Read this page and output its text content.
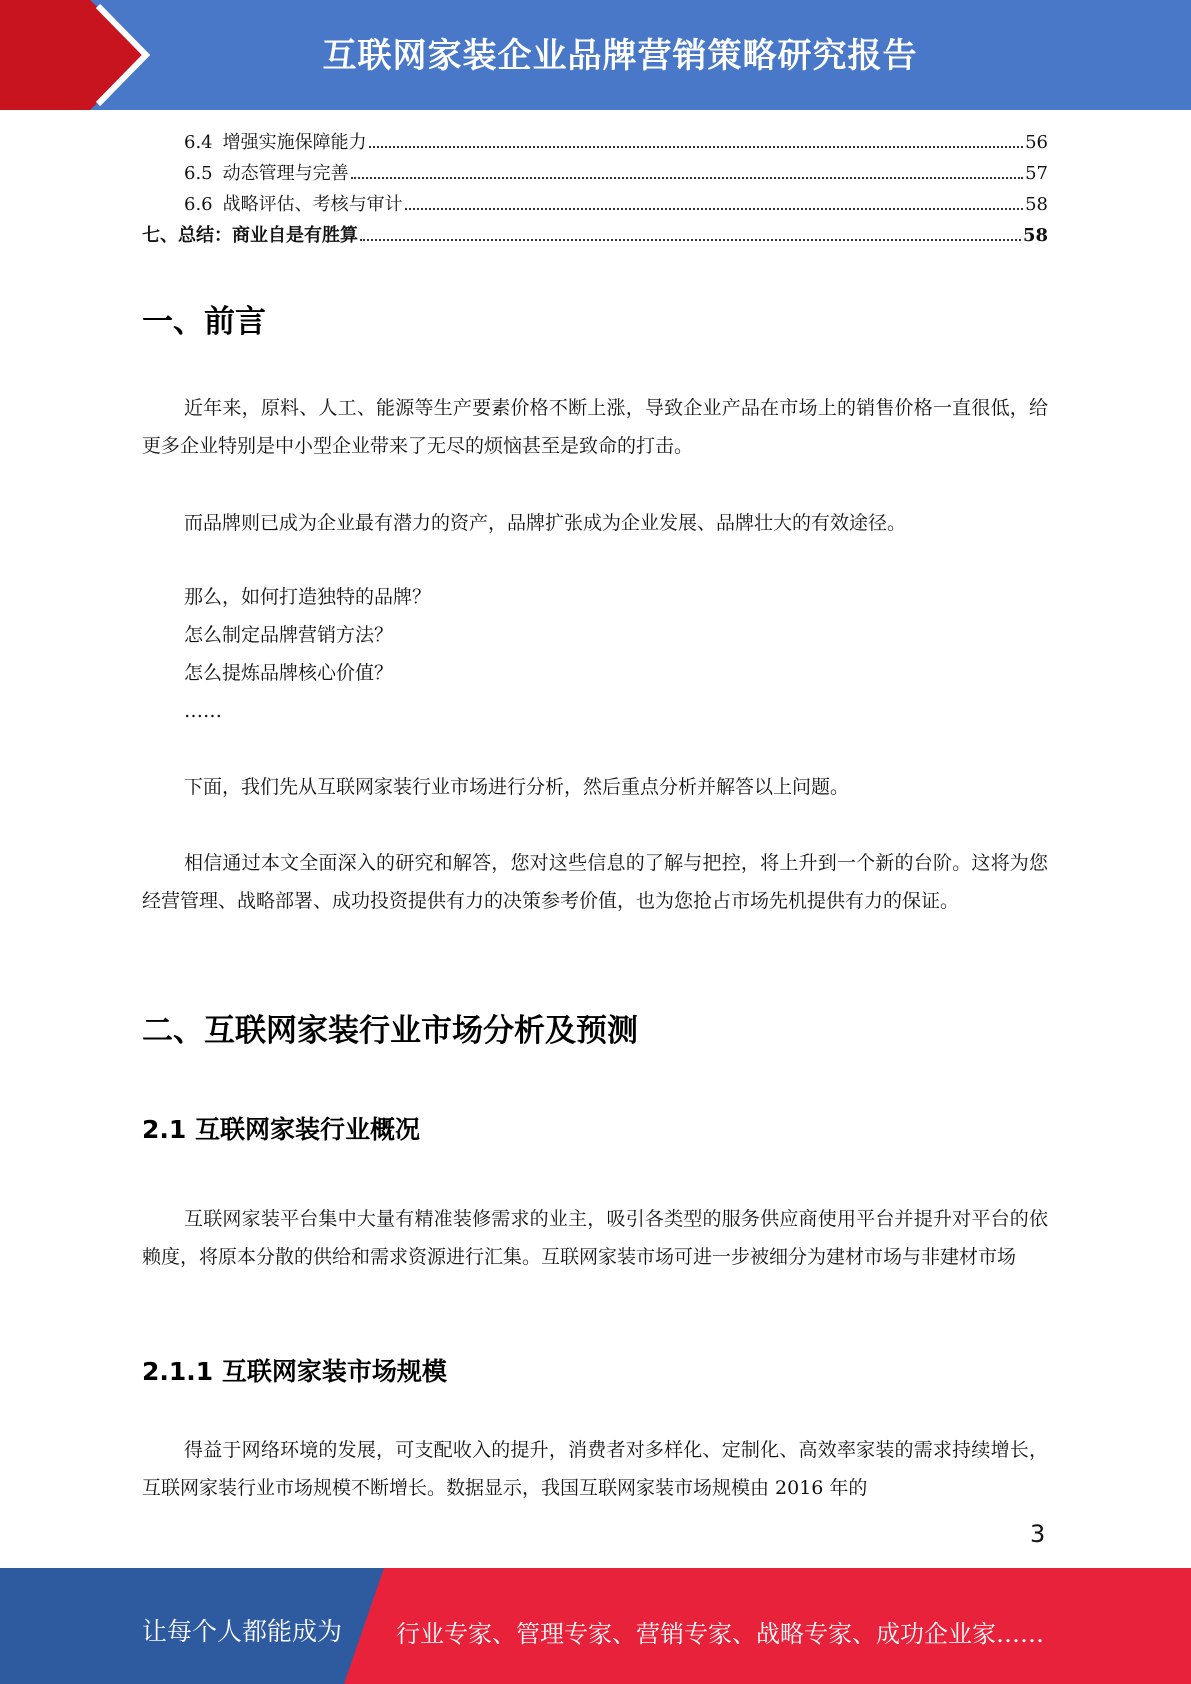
互联网家装企业品牌营销策略研究报告
6.4 增强实施保障能力	56
6.5 动态管理与完善	57
6.6 战略评估、考核与审计	58
七、总结：商业自是有胜算	58
一、前言

近年来，原料、人工、能源等生产要素价格不断上涨，导致企业产品在市场上的销售价格一直很低，给更多企业特别是中小型企业带来了无尽的烦恼甚至是致命的打击。

而品牌则已成为企业最有潜力的资产，品牌扩张成为企业发展、品牌壮大的有效途径。

那么，如何打造独特的品牌？
怎么制定品牌营销方法？
怎么提炼品牌核心价值？
……

下面，我们先从互联网家装行业市场进行分析，然后重点分析并解答以上问题。

相信通过本文全面深入的研究和解答，您对这些信息的了解与把控，将上升到一个新的台阶。这将为您经营管理、战略部署、成功投资提供有力的决策参考价值，也为您抢占市场先机提供有力的保证。

二、互联网家装行业市场分析及预测
2.1 互联网家装行业概况

互联网家装平台集中大量有精准装修需求的业主，吸引各类型的服务供应商使用平台并提升对平台的依赖度，将原本分散的供给和需求资源进行汇集。互联网家装市场可进一步被细分为建材市场与非建材市场

2.1.1 互联网家装市场规模

得益于网络环境的发展，可支配收入的提升，消费者对多样化、定制化、高效率家装的需求持续增长，互联网家装行业市场规模不断增长。数据显示，我国互联网家装市场规模由 2016 年的

3
让每个人都能成为 行业专家、管理专家、营销专家、战略专家、成功企业家……
